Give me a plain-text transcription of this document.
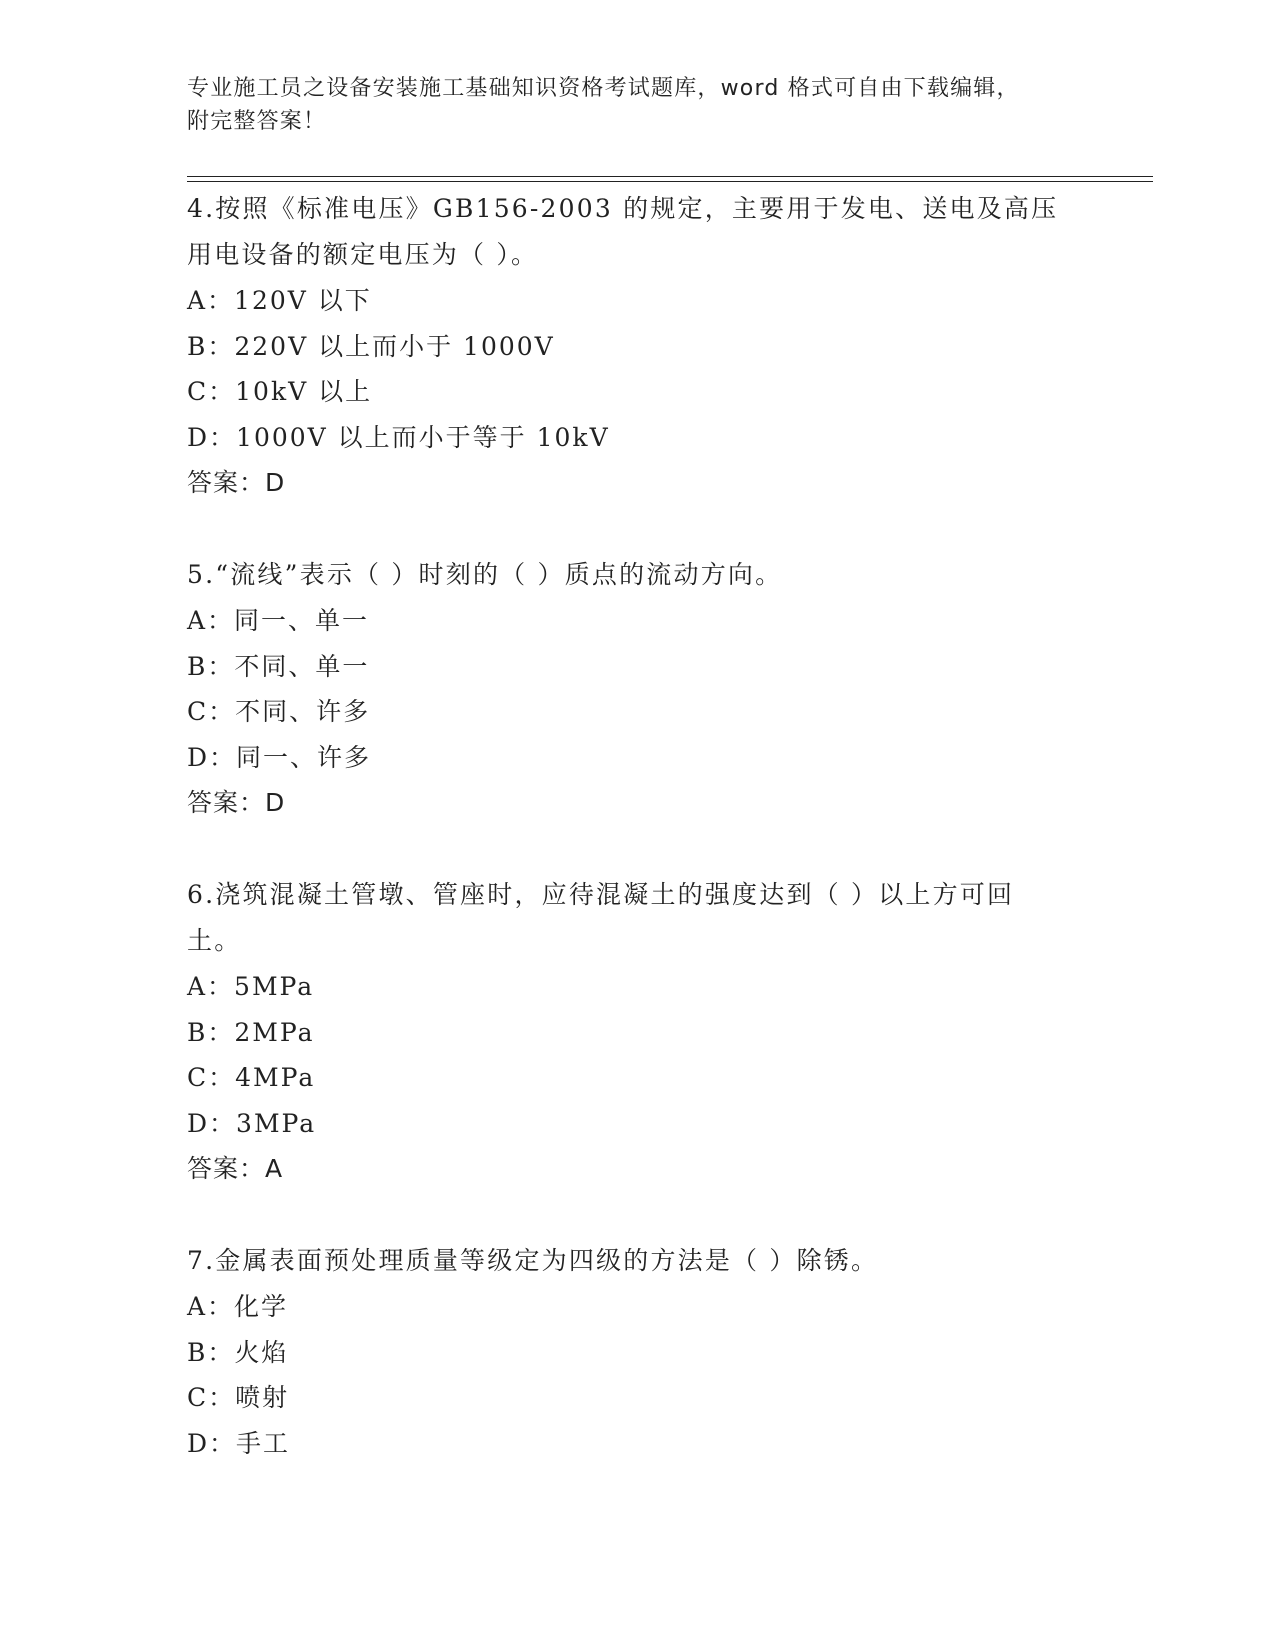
专业施工员之设备安装施工基础知识资格考试题库，word 格式可自由下载编辑，
附完整答案！
4.按照《标准电压》GB156-2003 的规定，主要用于发电、送电及高压用电设备的额定电压为（ ）。
A：120V 以下
B：220V 以上而小于 1000V
C：10kV 以上
D：1000V 以上而小于等于 10kV
答案：D
5.“流线”表示（ ）时刻的（ ）质点的流动方向。
A：同一、单一
B：不同、单一
C：不同、许多
D：同一、许多
答案：D
6.浇筑混凝土管墩、管座时，应待混凝土的强度达到（ ）以上方可回土。
A：5MPa
B：2MPa
C：4MPa
D：3MPa
答案：A
7.金属表面预处理质量等级定为四级的方法是（ ）除锈。
A：化学
B：火焰
C：喷射
D：手工
